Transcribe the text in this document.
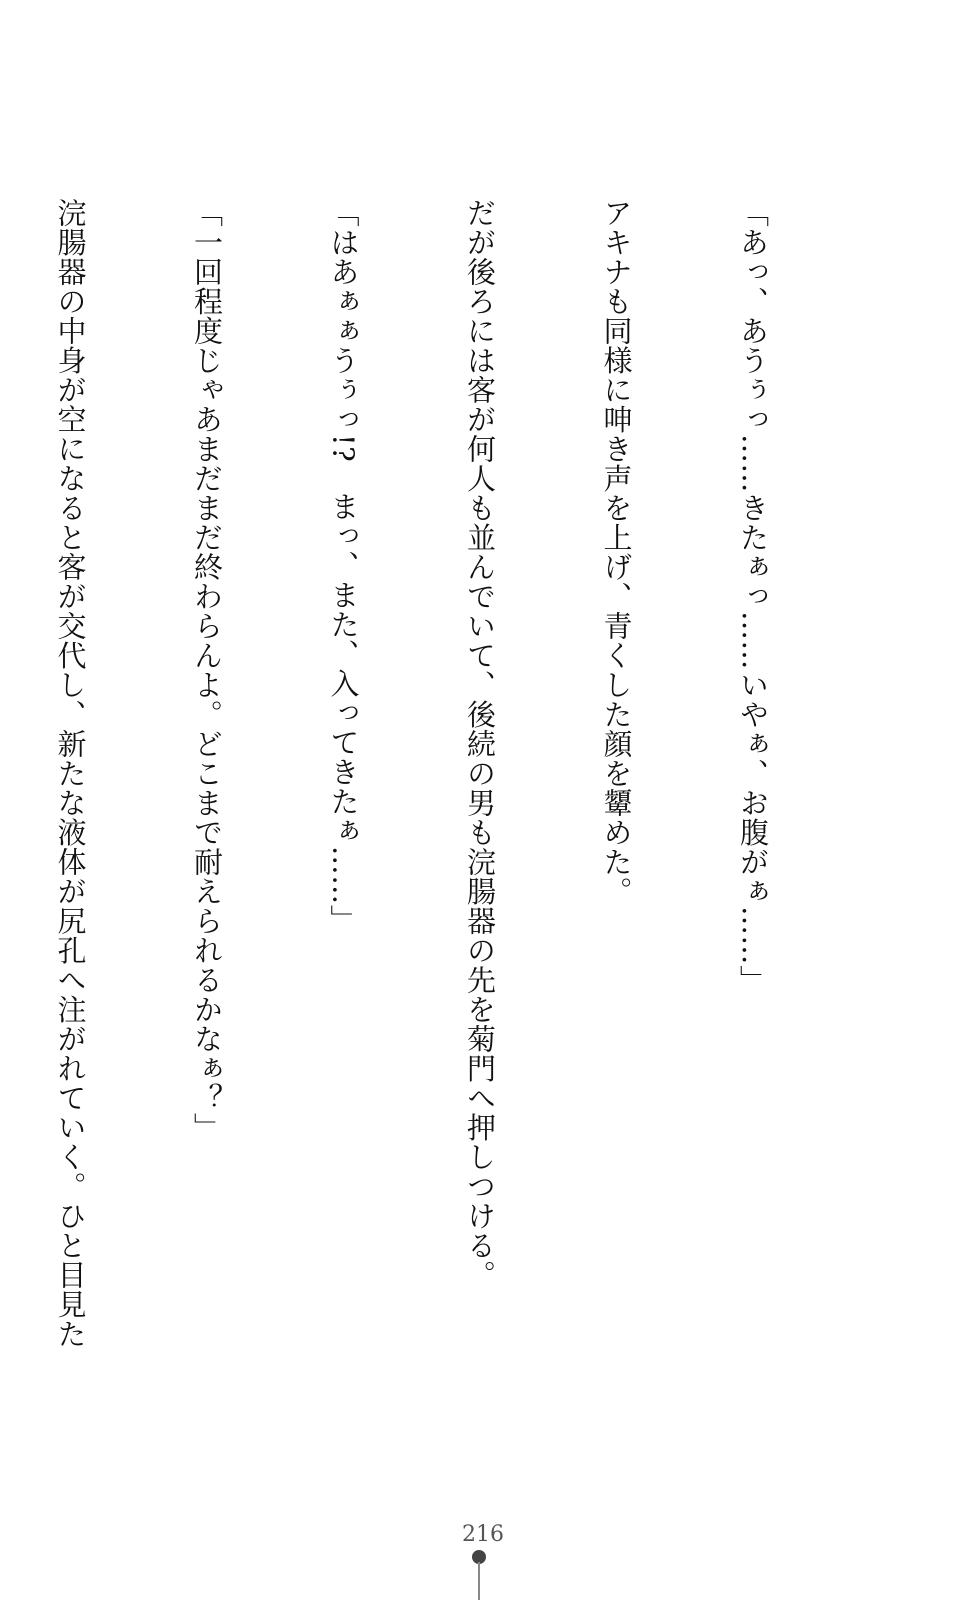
「あっ、あうぅっ……きたぁっ……いやぁ、お腹がぁ……」

アキナも同様に呻き声を上げ、青くした顔を顰めた。

だが後ろには客が何人も並んでいて、後続の男も浣腸器の先を菊門へ押しつける。

「はあぁぁうぅっ!?　まっ、また、入ってきたぁ……」

「一回程度じゃあまだまだ終わらんよ。どこまで耐えられるかなぁ？」

浣腸器の中身が空になると客が交代し、新たな液体が尻孔へ注がれていく。ひと目見た

216
